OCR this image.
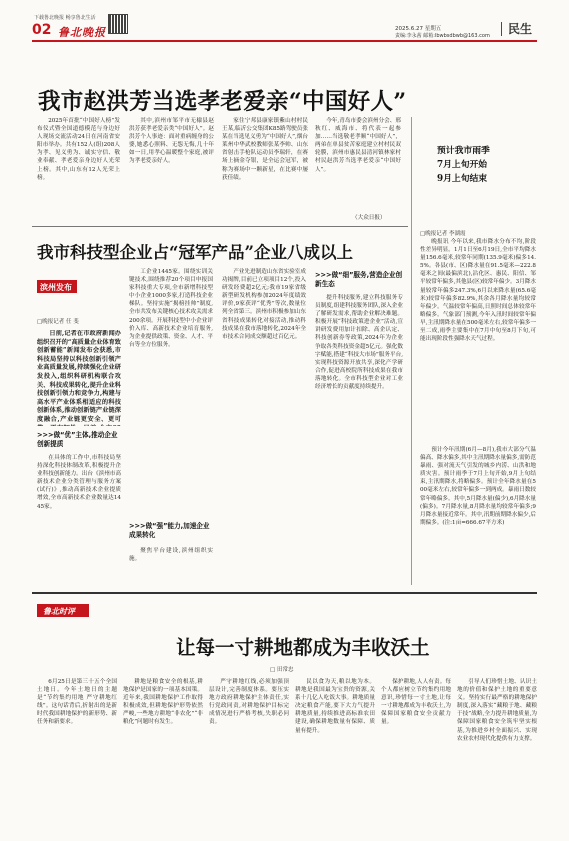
下载鲁北晚报 畅享鲁北生活
02 鲁北晚报	2025.6.27 星期五
责编:李永茜 邮箱:lbwbsdbwb@163.com 民生
我市赵洪芳当选孝老爱亲“中国好人”

2025年首批“中国好人榜”发布仪式暨全国道德模范与身边好人现场交流活动24日在河南省安阳市举办。共有152人(组)208人为孝、见义勇为、诚实守信、敬业奉献、孝老爱亲身边好人光荣上榜。其中,山东有12人光荣上榜。

其中,滨州市邹平市无棣县赵洪芳获孝老爱亲类“中国好人”。赵洪芳个人事迹：面对重病缠身的公婆,她悉心照料、无怨无悔,几十年如一日,用孝心温暖整个家庭,被评为孝老爱亲好人。

家住宁邦县康家镇紫山村村民王某,临沂公交集团K85路驾驶员张某在当选见义勇为“中国好人”,烟台莱州中华武校教师张某李帅、山东省射击手枪队运动员李瑞轩，在赛场上摘金夺银，是全运会冠军，被称为赛场中一颗新星，在比赛中屡获佳绩。

今年,青岛市委会滨州分会、邢秋红、威海市、将代表一起参加……当选敬老孝顺“中国好人”，两弟在单县贫苦家庭建立村村民双轮膜，滨州市惠民县清河镇林家村村民赵洪芳当选孝老爱亲“中国好人”。

（大众日报）
预计我市雨季
7月上旬开始
9月上旬结束
□晚报记者 李湖霞

晚报讯 今年以来,我市降水分布不均,阶段性差异明显。1月1日至6月19日,全市平均降水量156.6毫米,较常年同期(135.9毫米)偏多14.5%。各县(市、区)降水量在91.5毫米—222.8毫米之间(最偏滨北),沾化区、惠民、阳信、邹平较常年偏多,其他县(区)较常年偏少。3月降水量较常年偏多247.3%,6月以来降水量(65.6毫米)较常年偏多82.9%,其余各月降水量均较常年偏少。气温较常年偏高,日照时间总体较常年略偏多。气象部门预测,今年入汛时间较常年偏早,主汛期降水量在500毫米左右,较常年偏多一至二成,雨季主要集中在7月中旬至8月下旬,可能出现阶段性强降水天气过程。

预计今年汛期(6月—8月),我市大部分气温偏高、降水偏多,其中主汛期降水量偏多,需防范暴雨、强对流天气引发的城乡内涝、山洪和地质灾害。预计雨季于7月上旬开始,9月上旬结束,主汛期降水,将略偏多。预计全年降水量在500毫米左右,较常年偏多一到两成。暴雨日数较常年略偏多。其中,5月降水量(偏少),6月降水量(偏多)。7月降水量,8月降水量均较常年偏多;9月降水量接近常年。其中,汛期前期降水偏少,后期偏多。(注:1亩=666.67平方米)

我市科技型企业占“冠军产品”企业八成以上
滨州发布
□晚报记者 任 斐

日前,记者在市政府新闻办组织召开的“高质量企业体育致创新蓄能”新闻发布会获悉,市科技局坚持以科技创新引领产业高质量发展,持续强化企业研发投入,组织科研机构联合攻关、科技成果转化,提升企业科技创新引领力和竞争力,构建与高水平产业体系相适应的科技创新体系,推动创新链产业链深度融合,产业链更安全、更可

>>>做“优”主体,推动企业创新提质

在具体的工作中,市科技局坚持深化科技体制改革,积极提升企业科技创新能力。出台《滨州市高新技术企业分类管理与服务方案(试行)》,推动高新技术企业提质增效,全市高新技术企业数量达1445家。

工企业1445家。围绕实训关键技术,围绕推荐20个项目申报国家科技重大专项,全市新增科技型中小企业1000多家,打造科技企业梯队。坚持实施“揭榜挂帅”制度,全市共发布关键核心技术攻关需求200余项。开展科技型中小企业评价入库、高新技术企业培育服务,为企业提供政策、资金、人才、平台等全方位服务。

>>>做“强”能力,加速企业成果转化

聚焦平台建设,滨州组织实施。

产业先进制造山东省实验室成功揭牌,目前已立项项目12个,投入研发经费超2亿元;我市19家省级新型研发机构参加2024年度绩效评价,9家获评“优秀”等次,数量位列全省第三。滨州市积极参加山东省科技成果转化对接活动,推动科技成果在我市落地转化,2024年全市技术合同成交额超过百亿元。

>>>做“细”服务,营造企业创新生态

提升科技服务,建立科技服务专员制度,组建科技服务团队,深入企业了解研发需求,帮助企业解决难题。积极开展“科技政策进企业”活动,宣讲研发费用加计扣除、高企认定、科技创新券等政策,2024年为企业争取各类科技资金超5亿元。强化数字赋能,搭建“科技大市场”服务平台,实现科技资源开放共享,深化产学研合作,促进高校院所科技成果在我市落地转化。全市科技型企业对工业经济增长的贡献度持续提升。

鲁北时评
让每一寸耕地都成为丰收沃土
□ 田常忠

6月25日是第三十五个全国土地日。今年土地日的主题是“节约集约用地 严守耕地红线”。这句话背后,折射出的是新时代我国耕地保护的新形势、新任务和新要求。

耕地是粮食安全的根基,耕地保护是国家的一项基本国策。近年来,我国耕地保护工作取得积极成效,但耕地保护形势依然严峻,一些地方耕地“非农化”“非粮化”问题时有发生。

严守耕地红线,必须加强顶层设计,完善制度体系。要压实地方政府耕地保护主体责任,实行党政同责,对耕地保护目标完成情况进行严格考核,失职必问责。

民以食为天,粮以地为本。耕地是我国最为宝贵的资源,关系十几亿人吃饭大事。耕地质量决定粮食产能,要下大力气提升耕地质量,持续推进高标准农田建设,确保耕地数量有保障、质量有提升。

保护耕地,人人有责。每个人都应树立节约集约用地意识,珍惜每一寸土地,让每一寸耕地都成为丰收沃土,为保障国家粮食安全贡献力量。

引导人们珍惜土地、认识土地的价值和保护土地的重要意义。坚持实行最严格的耕地保护制度,深入落实“藏粮于地、藏粮于技”战略,全力提升耕地质量,为保障国家粮食安全筑牢坚实根基,为推进乡村全面振兴、实现农业农村现代化提供有力支撑。
